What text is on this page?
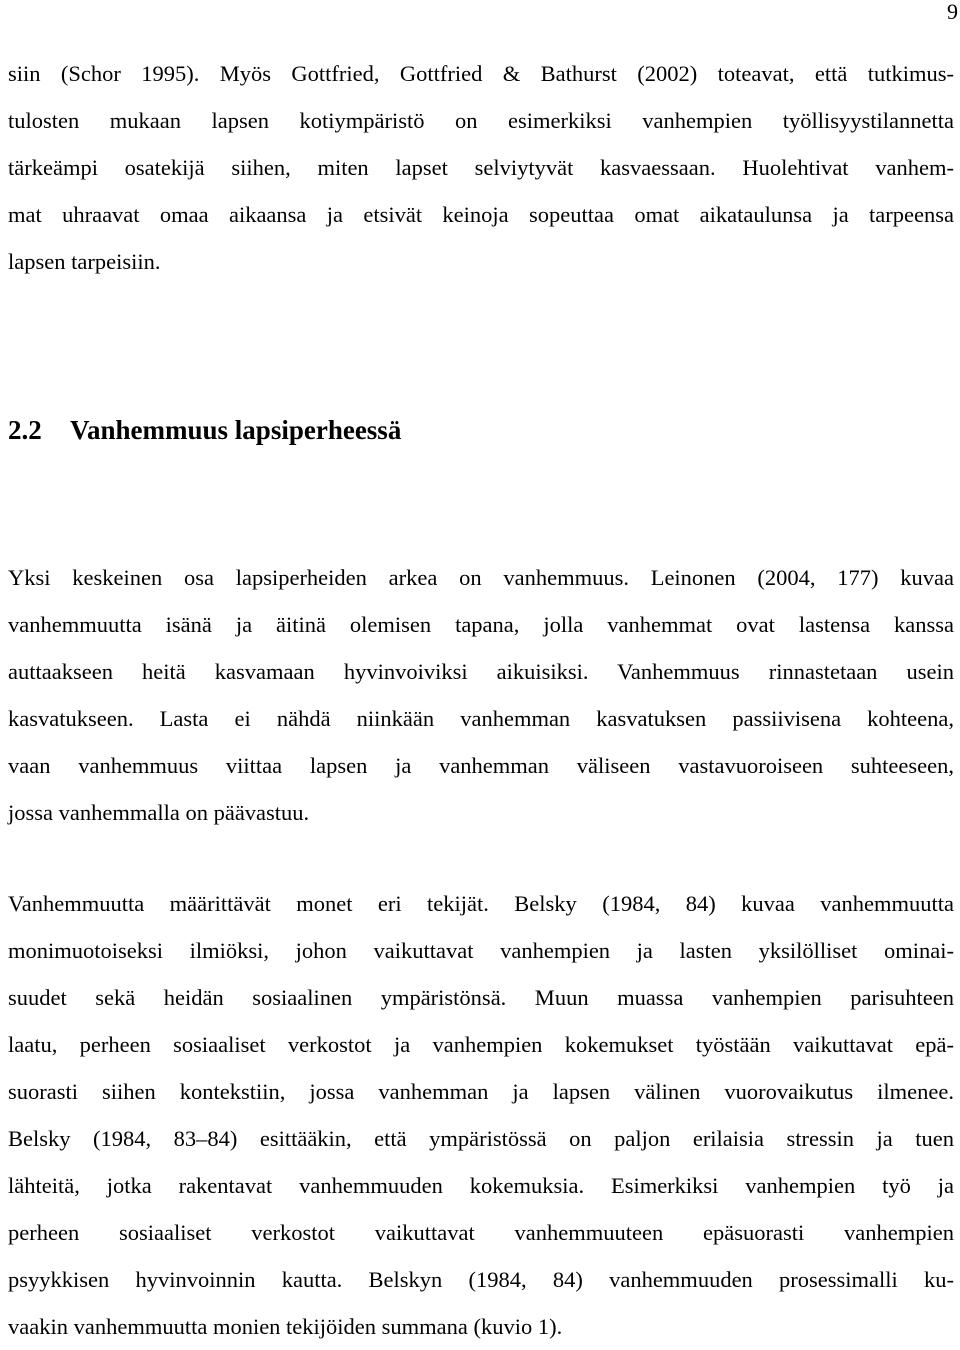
9
siin (Schor 1995). Myös Gottfried, Gottfried & Bathurst (2002) toteavat, että tutkimus-
tulosten mukaan lapsen kotiympäristö on esimerkiksi vanhempien työllisyystilannetta
tärkeämpi osatekijä siihen, miten lapset selviytyvät kasvaessaan. Huolehtivat vanhem-
mat uhraavat omaa aikaansa ja etsivät keinoja sopeuttaa omat aikataulunsa ja tarpeensa
lapsen tarpeisiin.
2.2 Vanhemmuus lapsiperheessä
Yksi keskeinen osa lapsiperheiden arkea on vanhemmuus. Leinonen (2004, 177) kuvaa
vanhemmuutta isänä ja äitinä olemisen tapana, jolla vanhemmat ovat lastensa kanssa
auttaakseen heitä kasvamaan hyvinvoiviksi aikuisiksi. Vanhemmuus rinnastetaan usein
kasvatukseen. Lasta ei nähdä niinkään vanhemman kasvatuksen passiivisena kohteena,
vaan vanhemmuus viittaa lapsen ja vanhemman väliseen vastavuoroiseen suhteeseen,
jossa vanhemmalla on päävastuu.
Vanhemmuutta määrittävät monet eri tekijät. Belsky (1984, 84) kuvaa vanhemmuutta
monimuotoiseksi ilmiöksi, johon vaikuttavat vanhempien ja lasten yksilölliset ominai-
suudet sekä heidän sosiaalinen ympäristönsä. Muun muassa vanhempien parisuhteen
laatu, perheen sosiaaliset verkostot ja vanhempien kokemukset työstään vaikuttavat epä-
suorasti siihen kontekstiin, jossa vanhemman ja lapsen välinen vuorovaikutus ilmenee.
Belsky (1984, 83–84) esittääkin, että ympäristössä on paljon erilaisia stressin ja tuen
lähteitä, jotka rakentavat vanhemmuuden kokemuksia. Esimerkiksi vanhempien työ ja
perheen sosiaaliset verkostot vaikuttavat vanhemmuuteen epäsuorasti vanhempien
psyykkisen hyvinvoinnin kautta. Belskyn (1984, 84) vanhemmuuden prosessimalli ku-
vaakin vanhemmuutta monien tekijöiden summana (kuvio 1).
